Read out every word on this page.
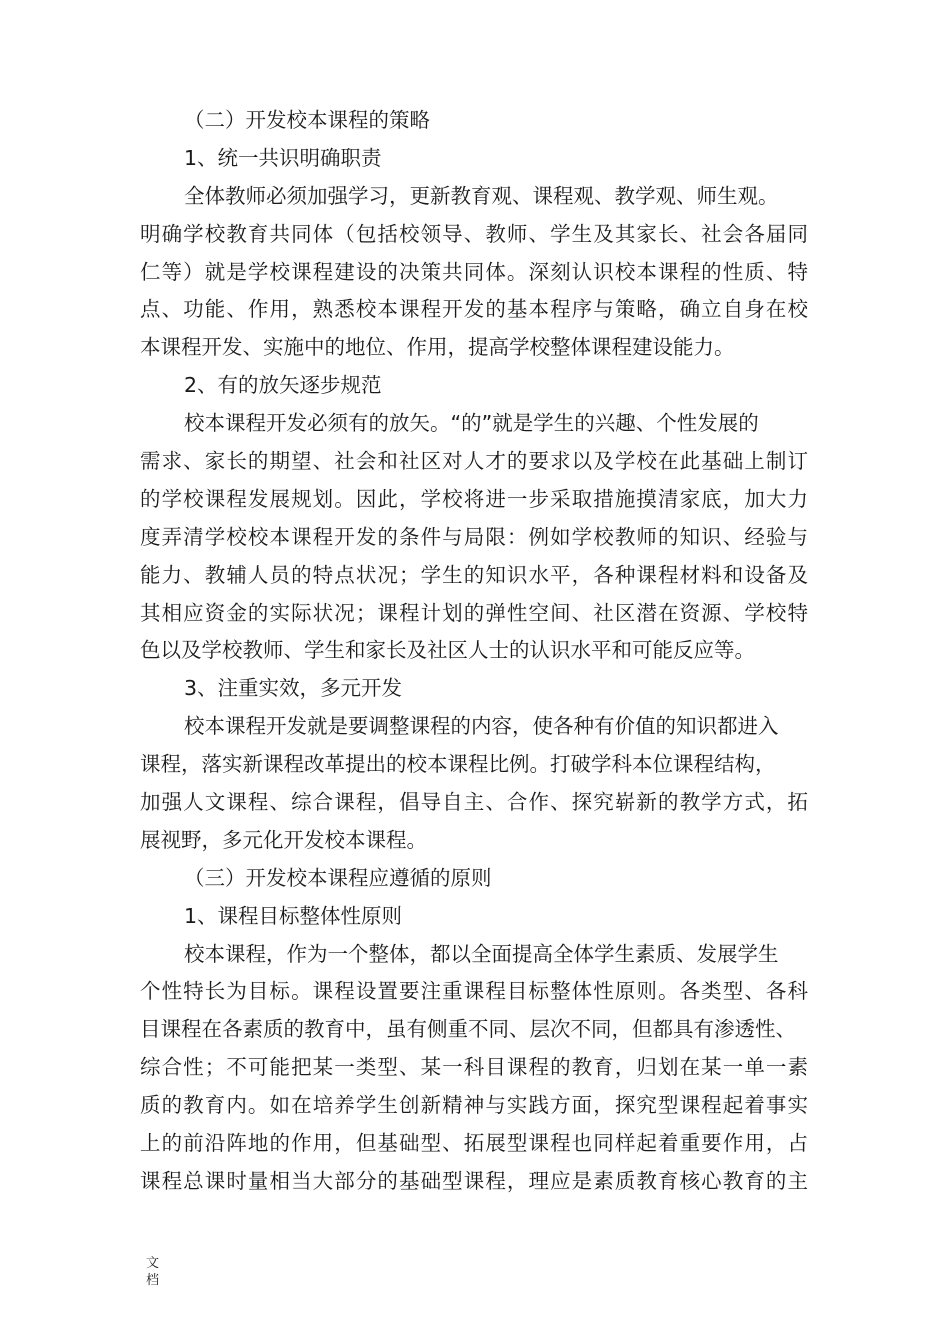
（二）开发校本课程的策略
1、统一共识明确职责
全体教师必须加强学习，更新教育观、课程观、教学观、师生观。
明确学校教育共同体（包括校领导、教师、学生及其家长、社会各届同
仁等）就是学校课程建设的决策共同体。深刻认识校本课程的性质、特
点、功能、作用，熟悉校本课程开发的基本程序与策略，确立自身在校
本课程开发、实施中的地位、作用，提高学校整体课程建设能力。
2、有的放矢逐步规范
校本课程开发必须有的放矢。“的”就是学生的兴趣、个性发展的
需求、家长的期望、社会和社区对人才的要求以及学校在此基础上制订
的学校课程发展规划。因此，学校将进一步采取措施摸清家底，加大力
度弄清学校校本课程开发的条件与局限：例如学校教师的知识、经验与
能力、教辅人员的特点状况；学生的知识水平，各种课程材料和设备及
其相应资金的实际状况；课程计划的弹性空间、社区潜在资源、学校特
色以及学校教师、学生和家长及社区人士的认识水平和可能反应等。
3、注重实效，多元开发
校本课程开发就是要调整课程的内容，使各种有价值的知识都进入
课程，落实新课程改革提出的校本课程比例。打破学科本位课程结构，
加强人文课程、综合课程，倡导自主、合作、探究崭新的教学方式，拓
展视野，多元化开发校本课程。
（三）开发校本课程应遵循的原则
1、课程目标整体性原则
校本课程，作为一个整体，都以全面提高全体学生素质、发展学生
个性特长为目标。课程设置要注重课程目标整体性原则。各类型、各科
目课程在各素质的教育中，虽有侧重不同、层次不同，但都具有渗透性、
综合性；不可能把某一类型、某一科目课程的教育，归划在某一单一素
质的教育内。如在培养学生创新精神与实践方面，探究型课程起着事实
上的前沿阵地的作用，但基础型、拓展型课程也同样起着重要作用，占
课程总课时量相当大部分的基础型课程，理应是素质教育核心教育的主
文
档
